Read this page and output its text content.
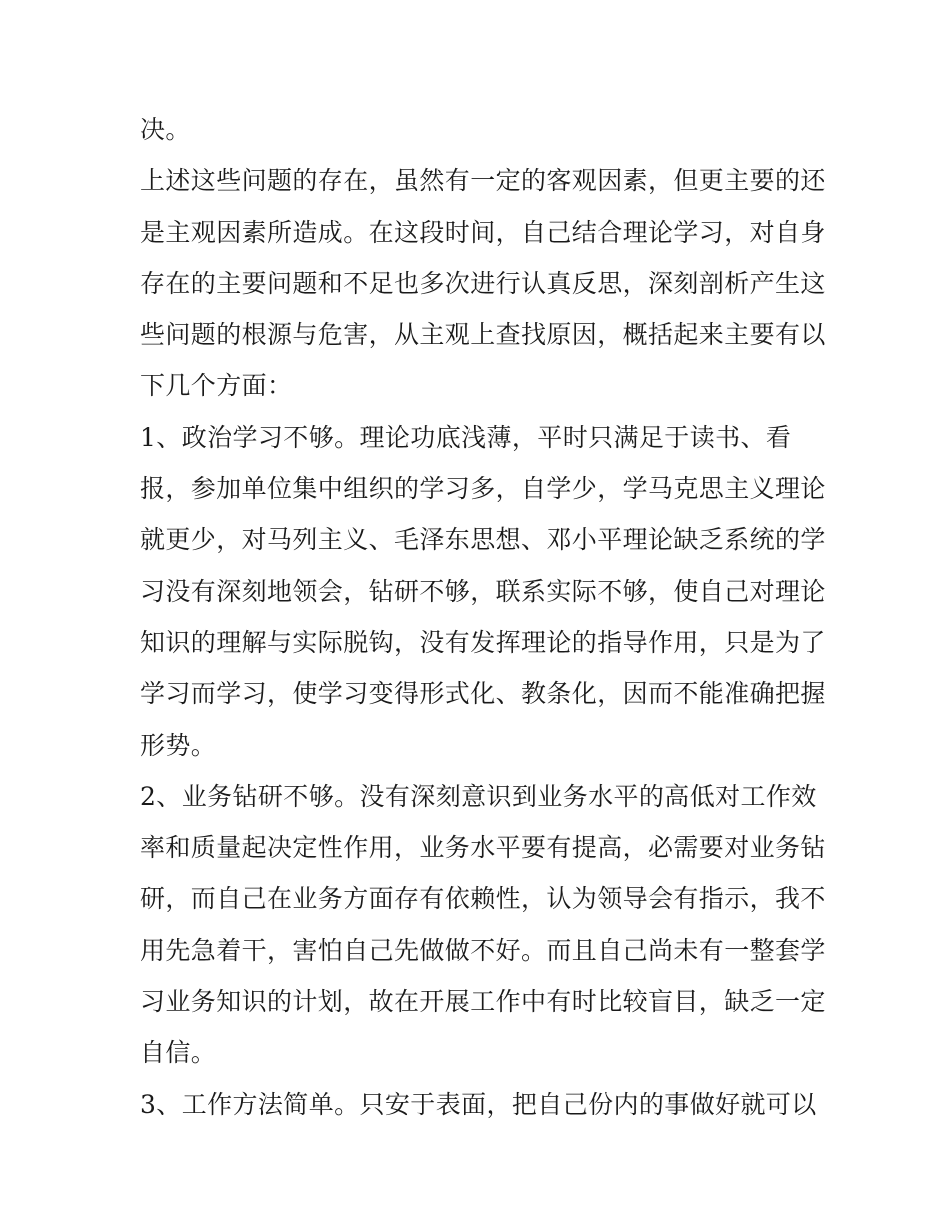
决。
上述这些问题的存在，虽然有一定的客观因素，但更主要的还
是主观因素所造成。在这段时间，自己结合理论学习，对自身
存在的主要问题和不足也多次进行认真反思，深刻剖析产生这
些问题的根源与危害，从主观上查找原因，概括起来主要有以
下几个方面：
1、政治学习不够。理论功底浅薄，平时只满足于读书、看
报，参加单位集中组织的学习多，自学少，学马克思主义理论
就更少，对马列主义、毛泽东思想、邓小平理论缺乏系统的学
习没有深刻地领会，钻研不够，联系实际不够，使自己对理论
知识的理解与实际脱钩，没有发挥理论的指导作用，只是为了
学习而学习，使学习变得形式化、教条化，因而不能准确把握
形势。
2、业务钻研不够。没有深刻意识到业务水平的高低对工作效
率和质量起决定性作用，业务水平要有提高，必需要对业务钻
研，而自己在业务方面存有依赖性，认为领导会有指示，我不
用先急着干，害怕自己先做做不好。而且自己尚未有一整套学
习业务知识的计划，故在开展工作中有时比较盲目，缺乏一定
自信。
3、工作方法简单。只安于表面，把自己份内的事做好就可以
